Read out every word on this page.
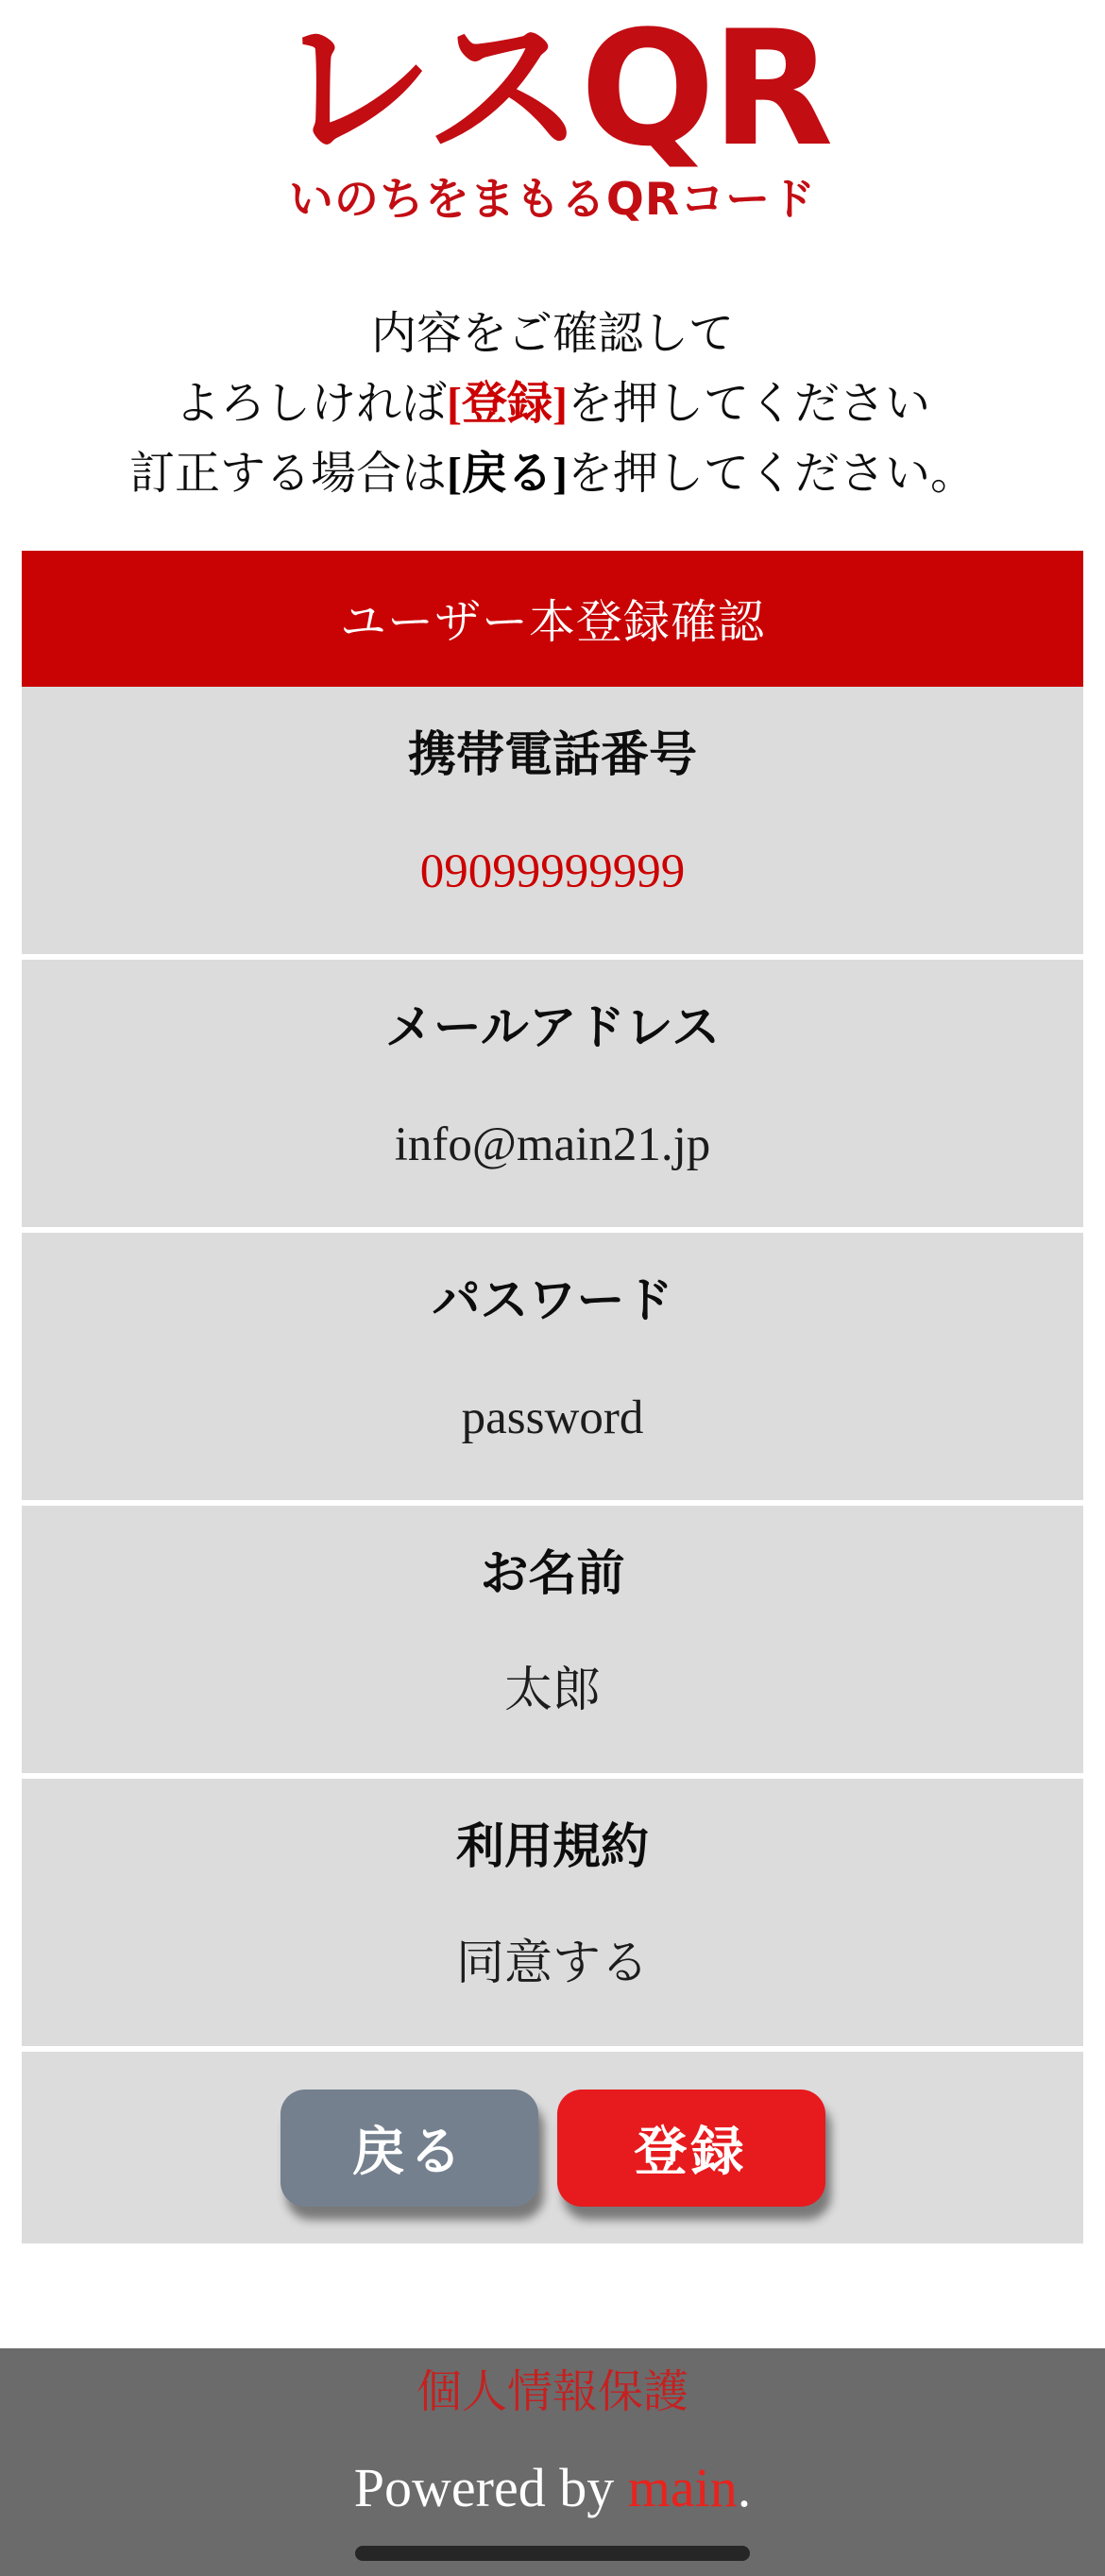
レスQR
いのちをまもるQRコード

内容をご確認して

よろしければ[登録]を押してください

訂正する場合は[戻る]を押してください。

ユーザー本登録確認
携帯電話番号
09099999999
メールアドレス
info@main21.jp
パスワード
password
お名前
太郎
利用規約
同意する
戻る	登録
個人情報保護
Powered by main.
